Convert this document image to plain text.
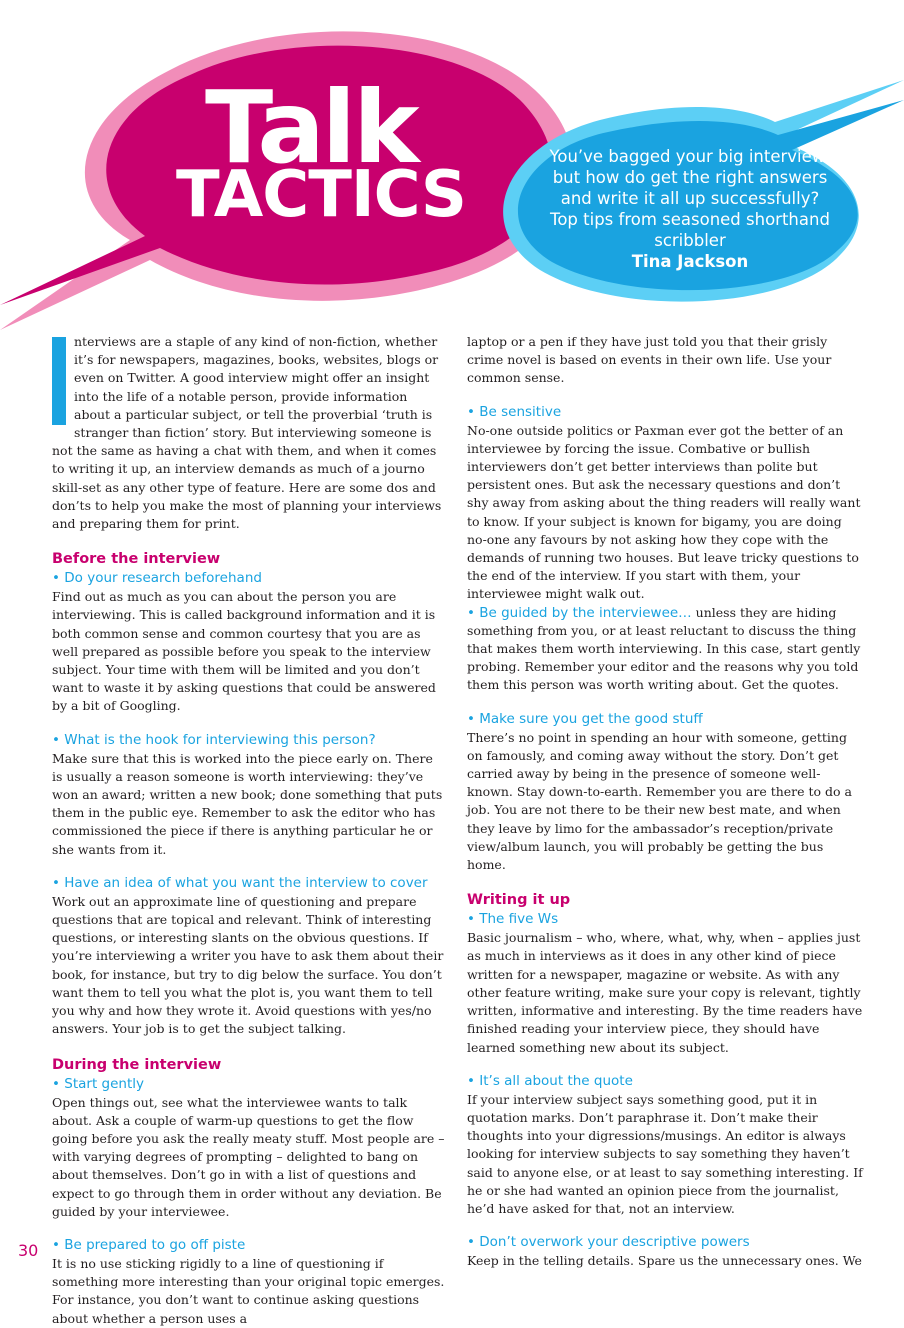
Talk
TACTICS
You’ve bagged your big interview, but how do get the right answers and write it all up successfully? Top tips from seasoned shorthand scribbler
Tina Jackson

nterviews are a staple of any kind of non-fiction, whether it’s for newspapers, magazines, books, websites, blogs or even on Twitter. A good interview might offer an insight into the life of a notable person, provide information about a particular subject, or tell the proverbial ‘truth is stranger than fiction’ story. But interviewing someone is not the same as having a chat with them, and when it comes to writing it up, an interview demands as much of a journo skill-set as any other type of feature. Here are some dos and don’ts to help you make the most of planning your interviews and preparing them for print.

Before the interview
• Do your research beforehand

Find out as much as you can about the person you are interviewing. This is called background information and it is both common sense and common courtesy that you are as well prepared as possible before you speak to the interview subject. Your time with them will be limited and you don’t want to waste it by asking questions that could be answered by a bit of Googling.

• What is the hook for interviewing this person?

Make sure that this is worked into the piece early on. There is usually a reason someone is worth interviewing: they’ve won an award; written a new book; done something that puts them in the public eye. Remember to ask the editor who has commissioned the piece if there is anything particular he or she wants from it.

• Have an idea of what you want the interview to cover

Work out an approximate line of questioning and prepare questions that are topical and relevant. Think of interesting questions, or interesting slants on the obvious questions. If you’re interviewing a writer you have to ask them about their book, for instance, but try to dig below the surface. You don’t want them to tell you what the plot is, you want them to tell you why and how they wrote it. Avoid questions with yes/no answers. Your job is to get the subject talking.

During the interview
• Start gently

Open things out, see what the interviewee wants to talk about. Ask a couple of warm-up questions to get the flow going before you ask the really meaty stuff. Most people are – with varying degrees of prompting – delighted to bang on about themselves. Don’t go in with a list of questions and expect to go through them in order without any deviation. Be guided by your interviewee.

• Be prepared to go off piste

It is no use sticking rigidly to a line of questioning if something more interesting than your original topic emerges. For instance, you don’t want to continue asking questions about whether a person uses a

laptop or a pen if they have just told you that their grisly crime novel is based on events in their own life. Use your common sense.

• Be sensitive

No-one outside politics or Paxman ever got the better of an interviewee by forcing the issue. Combative or bullish interviewers don’t get better interviews than polite but persistent ones. But ask the necessary questions and don’t shy away from asking about the thing readers will really want to know. If your subject is known for bigamy, you are doing no-one any favours by not asking how they cope with the demands of running two houses. But leave tricky questions to the end of the interview. If you start with them, your interviewee might walk out.

• Be guided by the interviewee… unless they are hiding something from you, or at least reluctant to discuss the thing that makes them worth interviewing. In this case, start gently probing. Remember your editor and the reasons why you told them this person was worth writing about. Get the quotes.

• Make sure you get the good stuff

There’s no point in spending an hour with someone, getting on famously, and coming away without the story. Don’t get carried away by being in the presence of someone well-known. Stay down-to-earth. Remember you are there to do a job. You are not there to be their new best mate, and when they leave by limo for the ambassador’s reception/private view/album launch, you will probably be getting the bus home.

Writing it up
• The five Ws

Basic journalism – who, where, what, why, when – applies just as much in interviews as it does in any other kind of piece written for a newspaper, magazine or website. As with any other feature writing, make sure your copy is relevant, tightly written, informative and interesting. By the time readers have finished reading your interview piece, they should have learned something new about its subject.

• It’s all about the quote

If your interview subject says something good, put it in quotation marks. Don’t paraphrase it. Don’t make their thoughts into your digressions/musings. An editor is always looking for interview subjects to say something they haven’t said to anyone else, or at least to say something interesting. If he or she had wanted an opinion piece from the journalist, he’d have asked for that, not an interview.

• Don’t overwork your descriptive powers

Keep in the telling details. Spare us the unnecessary ones. We

30
